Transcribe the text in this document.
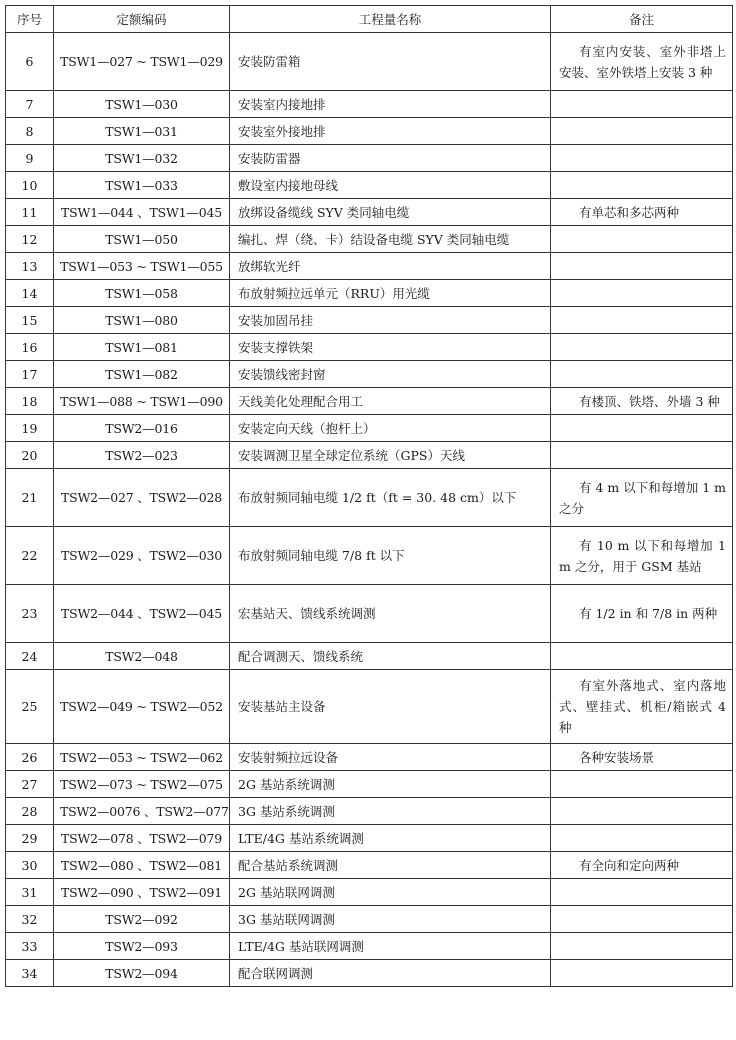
序号	定额编码	工程量名称	备注
6	TSW1—027 ~ TSW1—029	安装防雷箱	有室内安装、室外非塔上安装、室外铁塔上安装 3 种
7	TSW1—030	安装室内接地排	
8	TSW1—031	安装室外接地排	
9	TSW1—032	安装防雷器	
10	TSW1—033	敷设室内接地母线	
11	TSW1—044 、TSW1—045	放绑设备缆线 SYV 类同轴电缆	有单芯和多芯两种
12	TSW1—050	编扎、焊（绕、卡）结设备电缆 SYV 类同轴电缆	
13	TSW1—053 ~ TSW1—055	放绑软光纤	
14	TSW1—058	布放射频拉远单元（RRU）用光缆	
15	TSW1—080	安装加固吊挂	
16	TSW1—081	安装支撑铁架	
17	TSW1—082	安装馈线密封窗	
18	TSW1—088 ~ TSW1—090	天线美化处理配合用工	有楼顶、铁塔、外墙 3 种
19	TSW2—016	安装定向天线（抱杆上）	
20	TSW2—023	安装调测卫星全球定位系统（GPS）天线	
21	TSW2—027 、TSW2—028	布放射频同轴电缆 1/2 ft（ft = 30. 48 cm）以下	有 4 m 以下和每增加 1 m 之分
22	TSW2—029 、TSW2—030	布放射频同轴电缆 7/8 ft 以下	有 10 m 以下和每增加 1 m 之分，用于 GSM 基站
23	TSW2—044 、TSW2—045	宏基站天、馈线系统调测	有 1/2 in 和 7/8 in 两种
24	TSW2—048	配合调测天、馈线系统	
25	TSW2—049 ~ TSW2—052	安装基站主设备	有室外落地式、室内落地式、壁挂式、机柜/箱嵌式 4 种
26	TSW2—053 ~ TSW2—062	安装射频拉远设备	各种安装场景
27	TSW2—073 ~ TSW2—075	2G 基站系统调测	
28	TSW2—0076 、TSW2—077	3G 基站系统调测	
29	TSW2—078 、TSW2—079	LTE/4G 基站系统调测	
30	TSW2—080 、TSW2—081	配合基站系统调测	有全向和定向两种
31	TSW2—090 、TSW2—091	2G 基站联网调测	
32	TSW2—092	3G 基站联网调测	
33	TSW2—093	LTE/4G 基站联网调测	
34	TSW2—094	配合联网调测	
